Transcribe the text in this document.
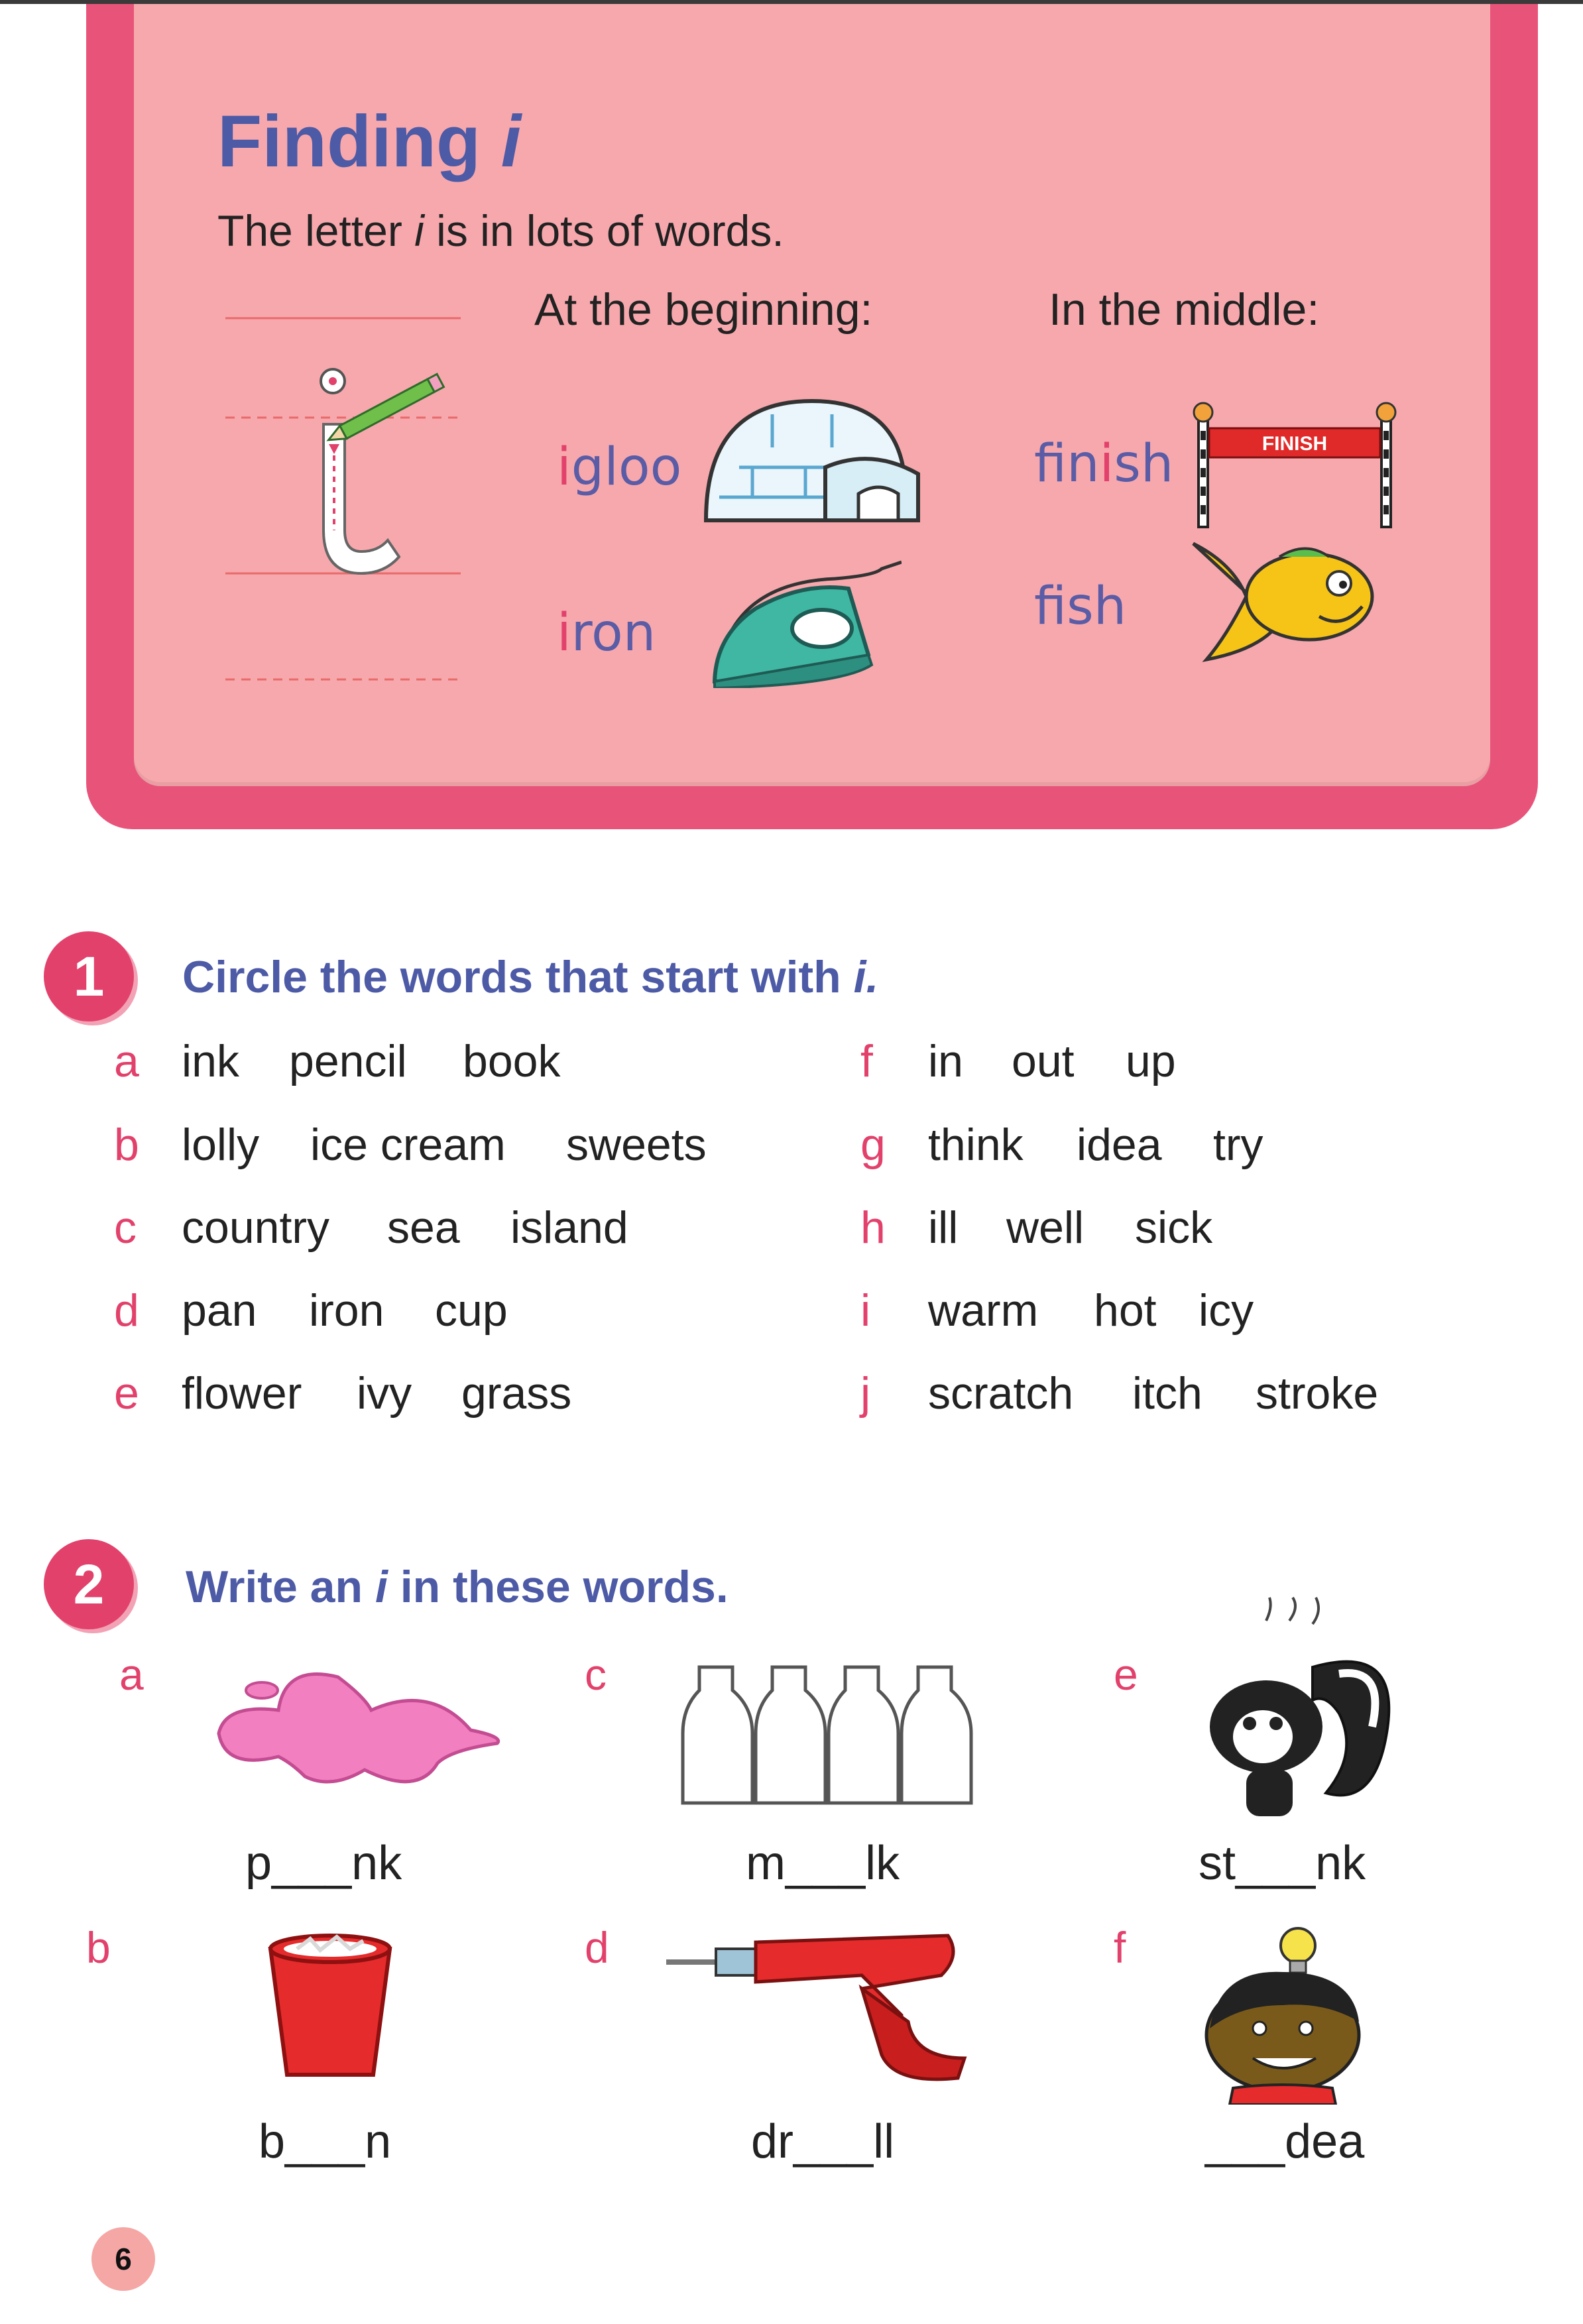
Finding i
The letter i is in lots of words.
At the beginning:	In the middle:
igloo
iron
fnish
fsh
FINISH
1	Circle the words that start with i.
a ink pencil book
b lolly ice cream sweets
c country sea island
d pan iron cup
e flower ivy grass
f in out up
g think idea try
h ill well sick
i warm hot icy
j scratch itch stroke
2	Write an i in these words.
a
p___nk
b
b___n
c
m___lk
d
dr___ll
e
st___nk
f
___dea
6
